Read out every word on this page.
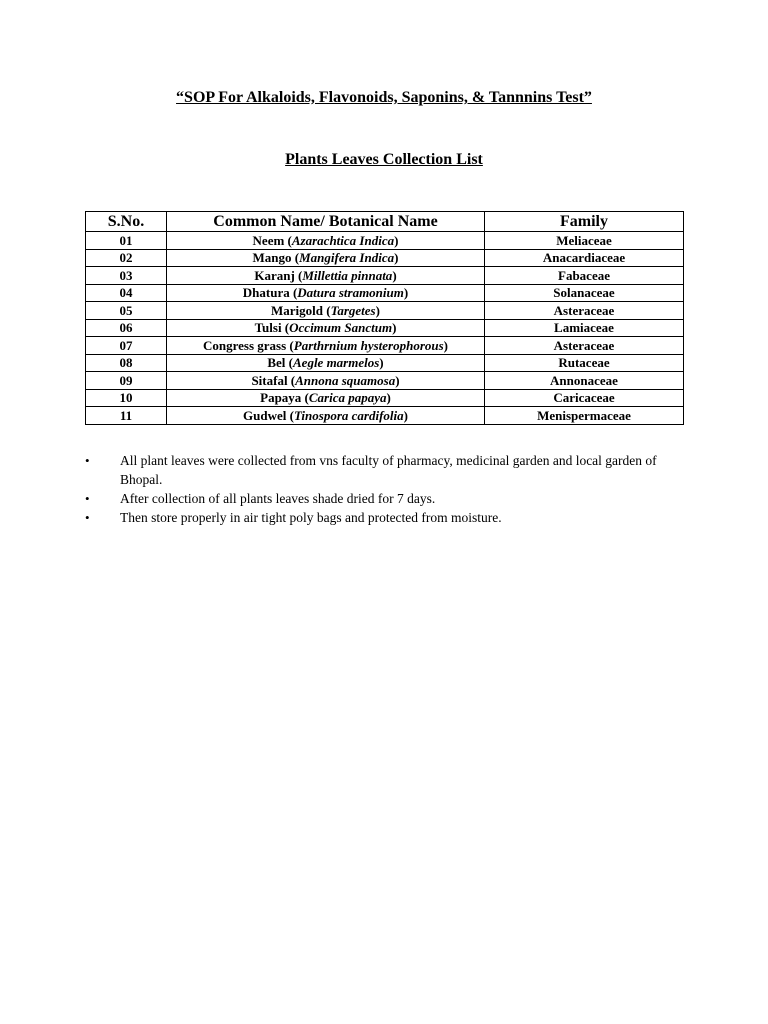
“SOP For Alkaloids, Flavonoids, Saponins, & Tannnins Test”
Plants Leaves Collection List
S.No.	Common Name/ Botanical Name	Family
01	Neem (Azarachtica Indica)	Meliaceae
02	Mango (Mangifera Indica)	Anacardiaceae
03	Karanj (Millettia pinnata)	Fabaceae
04	Dhatura (Datura stramonium)	Solanaceae
05	Marigold (Targetes)	Asteraceae
06	Tulsi (Occimum Sanctum)	Lamiaceae
07	Congress grass (Parthrnium hysterophorous)	Asteraceae
08	Bel (Aegle marmelos)	Rutaceae
09	Sitafal (Annona squamosa)	Annonaceae
10	Papaya (Carica papaya)	Caricaceae
11	Gudwel (Tinospora cardifolia)	Menispermaceae
•	All plant leaves were collected from vns faculty of pharmacy, medicinal garden and local garden of Bhopal.
•	After collection of all plants leaves shade dried for 7 days.
•	Then store properly in air tight poly bags and protected from moisture.
